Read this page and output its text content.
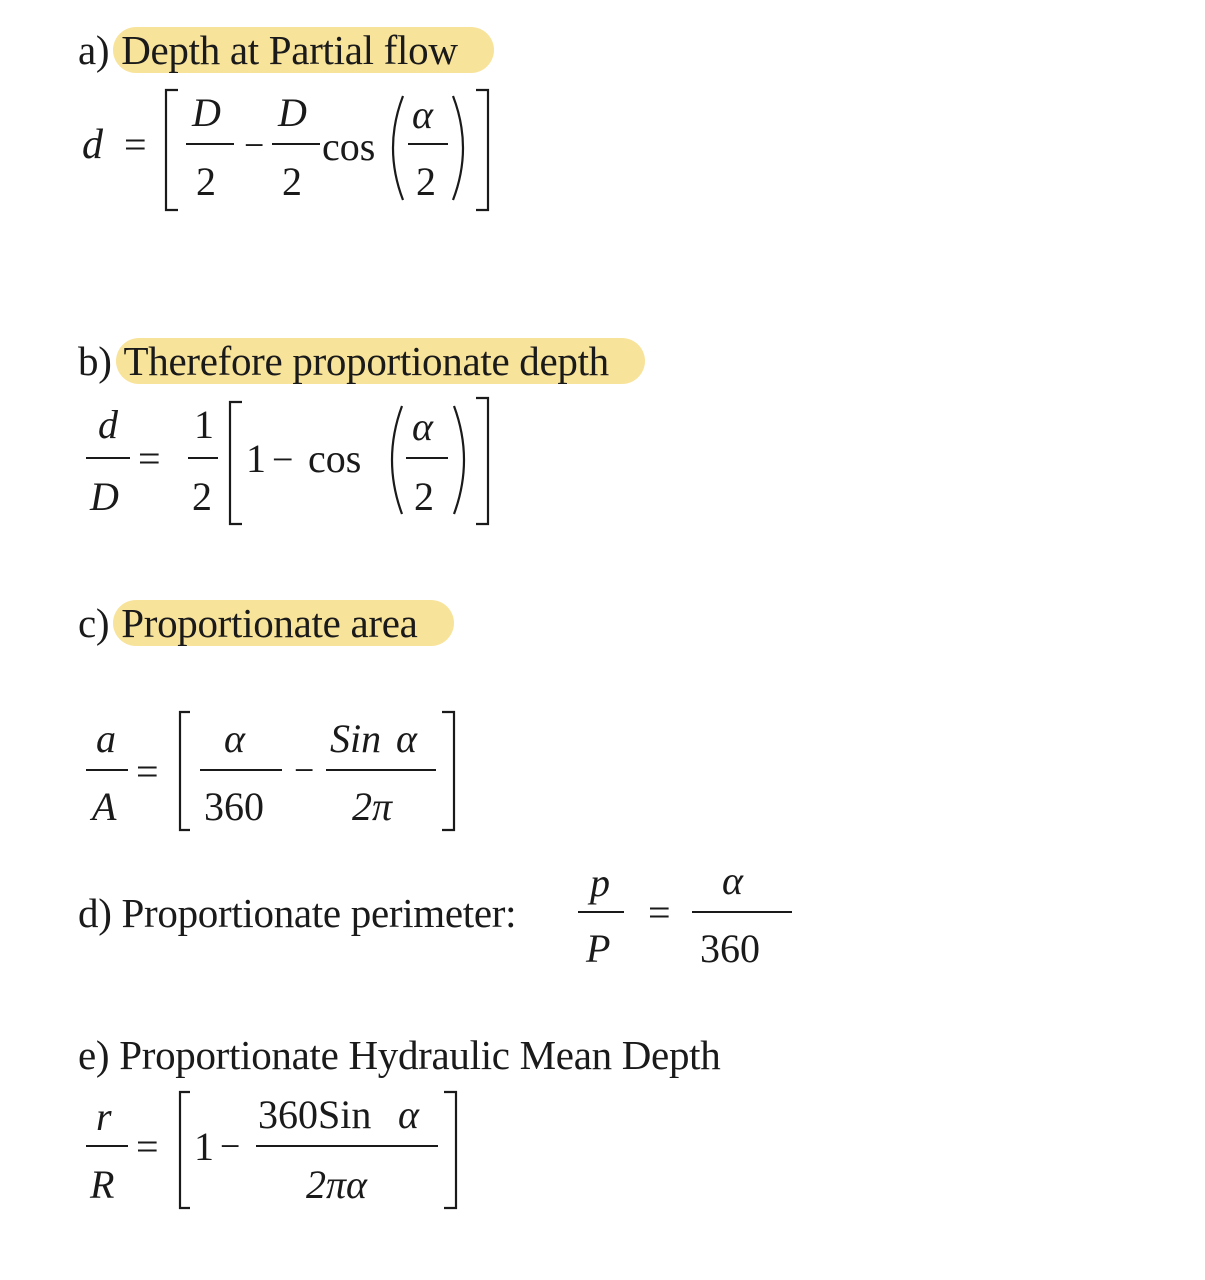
a) Depth at Partial flow
b) Therefore proportionate depth
c) Proportionate area
d) Proportionate perimeter:
e) Proportionate Hydraulic Mean Depth
d =
D
2
−
D
2
cos
α
2
d
D
=
1
2
1 − cos
α
2
a
A
=
α
360
−
Sin α
2π
p
P
=
α
360
r
R
= 1 −
360Sin α
2πα
